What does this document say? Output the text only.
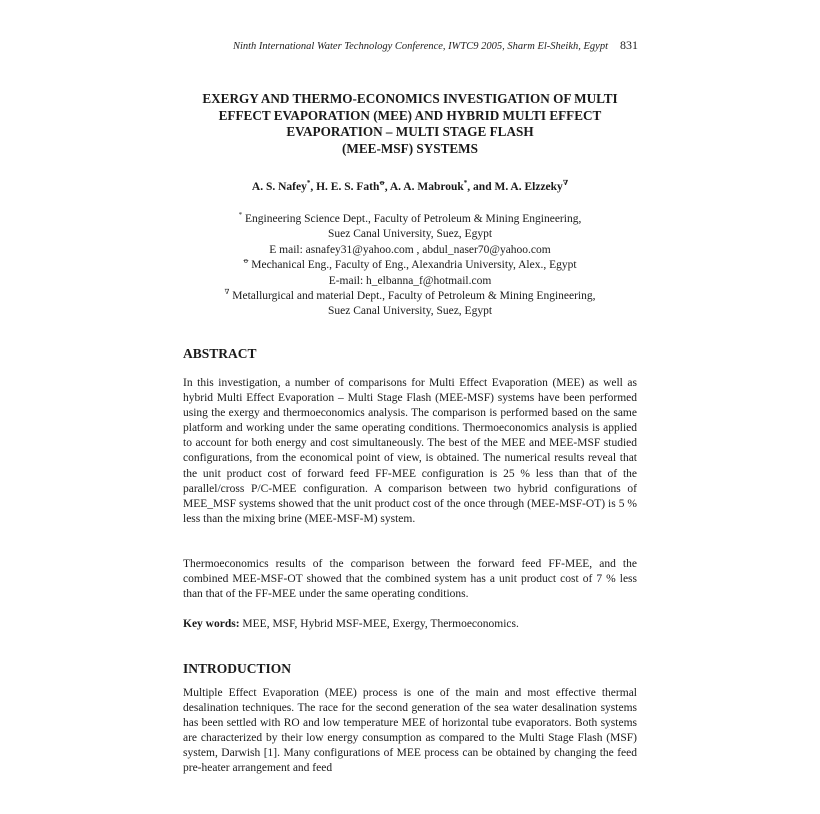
Ninth International Water Technology Conference, IWTC9 2005, Sharm El-Sheikh, Egypt 831
EXERGY AND THERMO-ECONOMICS INVESTIGATION OF MULTI
EFFECT EVAPORATION (MEE) AND HYBRID MULTI EFFECT
EVAPORATION – MULTI STAGE FLASH
(MEE-MSF) SYSTEMS
A. S. Nafey*, H. E. S. Fath$^ꝋ$, A. A. Mabrouk*, and M. A. Elzzeky∇
* Engineering Science Dept., Faculty of Petroleum & Mining Engineering,
Suez Canal University, Suez, Egypt
E mail: asnafey31@yahoo.com , abdul_naser70@yahoo.com
$^ꝋ$ Mechanical Eng., Faculty of Eng., Alexandria University, Alex., Egypt
E-mail: h_elbanna_f@hotmail.com
∇ Metallurgical and material Dept., Faculty of Petroleum & Mining Engineering,
Suez Canal University, Suez, Egypt
ABSTRACT

In this investigation, a number of comparisons for Multi Effect Evaporation (MEE) as well as hybrid Multi Effect Evaporation – Multi Stage Flash (MEE-MSF) systems have been performed using the exergy and thermoeconomics analysis. The comparison is performed based on the same platform and working under the same operating conditions. Thermoeconomics analysis is applied to account for both energy and cost simultaneously. The best of the MEE and MEE-MSF studied configurations, from the economical point of view, is obtained. The numerical results reveal that the unit product cost of forward feed FF-MEE configuration is 25 % less than that of the parallel/cross P/C-MEE configuration. A comparison between two hybrid configurations of MEE_MSF systems showed that the unit product cost of the once through (MEE-MSF-OT) is 5 % less than the mixing brine (MEE-MSF-M) system.

Thermoeconomics results of the comparison between the forward feed FF-MEE, and the combined MEE-MSF-OT showed that the combined system has a unit product cost of 7 % less than that of the FF-MEE under the same operating conditions.

Key words: MEE, MSF, Hybrid MSF-MEE, Exergy, Thermoeconomics.

INTRODUCTION

Multiple Effect Evaporation (MEE) process is one of the main and most effective thermal desalination techniques. The race for the second generation of the sea water desalination systems has been settled with RO and low temperature MEE of horizontal tube evaporators. Both systems are characterized by their low energy consumption as compared to the Multi Stage Flash (MSF) system, Darwish [1]. Many configurations of MEE process can be obtained by changing the feed pre-heater arrangement and feed
